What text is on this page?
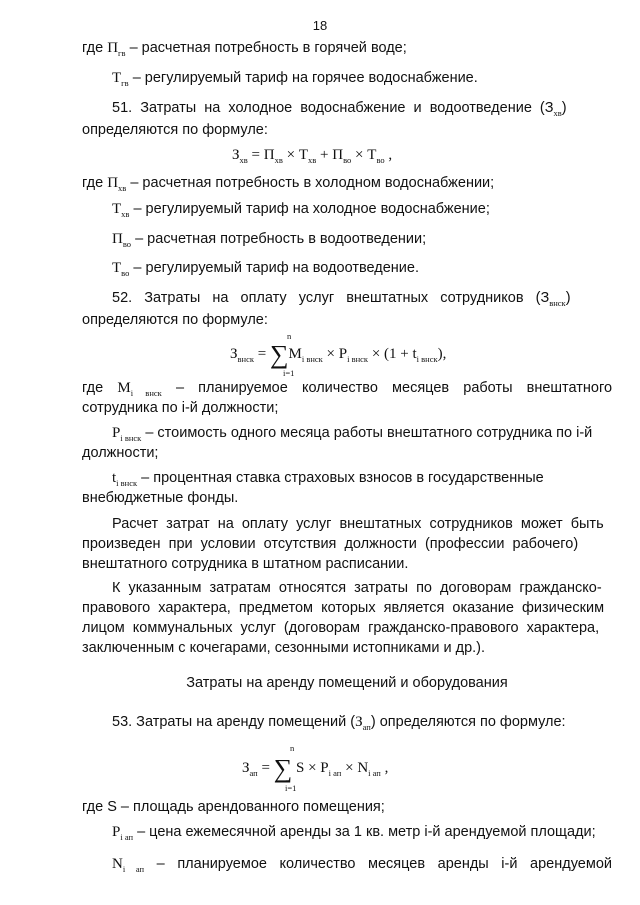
18
где $П_{гв}$ – расчетная потребность в горячей воде;
$Т_{гв}$ – регулируемый тариф на горячее водоснабжение.
51.  Затраты  на  холодное  водоснабжение  и  водоотведение  $(З_{хв})$
определяются по формуле:
$З_{хв} = П_{хв} \times Т_{хв} + П_{во} \times Т_{во}$ ,
где $П_{хв}$ – расчетная потребность в холодном водоснабжении;
$Т_{хв}$ – регулируемый тариф на холодное водоснабжение;
$П_{во}$ – расчетная потребность в водоотведении;
$Т_{во}$ – регулируемый тариф на водоотведение.
52.   Затраты   на   оплату   услуг   внештатных   сотрудников   $(З_{внск})$
определяются по формуле:
$З_{внск} = \sum М_{i внск} \times Р_{i внск} \times (1 + t_{i внск})$,
n
i=1
где $М_{i внск}$ – планируемое количество месяцев работы внештатного
сотрудника по i-й должности;
$Р_{i внск}$ – стоимость одного месяца работы внештатного сотрудника по i-й
должности;
$t_{i внск}$ – процентная ставка страховых взносов в государственные
внебюджетные фонды.
Расчет  затрат  на  оплату  услуг  внештатных  сотрудников  может  быть
произведен  при  условии  отсутствия  должности  (профессии  рабочего)
внештатного сотрудника в штатном расписании.
К  указанным  затратам  относятся  затраты  по  договорам  гражданско-
правового  характера,  предметом  которых  является  оказание  физическим
лицом  коммунальных  услуг  (договорам  гражданско-правового  характера,
заключенным с кочегарами, сезонными истопниками и др.).
Затраты на аренду помещений и оборудования
53. Затраты на аренду помещений $(З_{ап})$ определяются по формуле:
$З_{ап}$ = ∑ $S \times Р_{i ап} \times N_{i ап}$ ,
n
i=1
где S – площадь арендованного помещения;
$Р_{i ап}$ – цена ежемесячной аренды за 1 кв. метр i-й арендуемой площади;
$N_{i ап}$ – планируемое количество месяцев аренды i-й арендуемой
